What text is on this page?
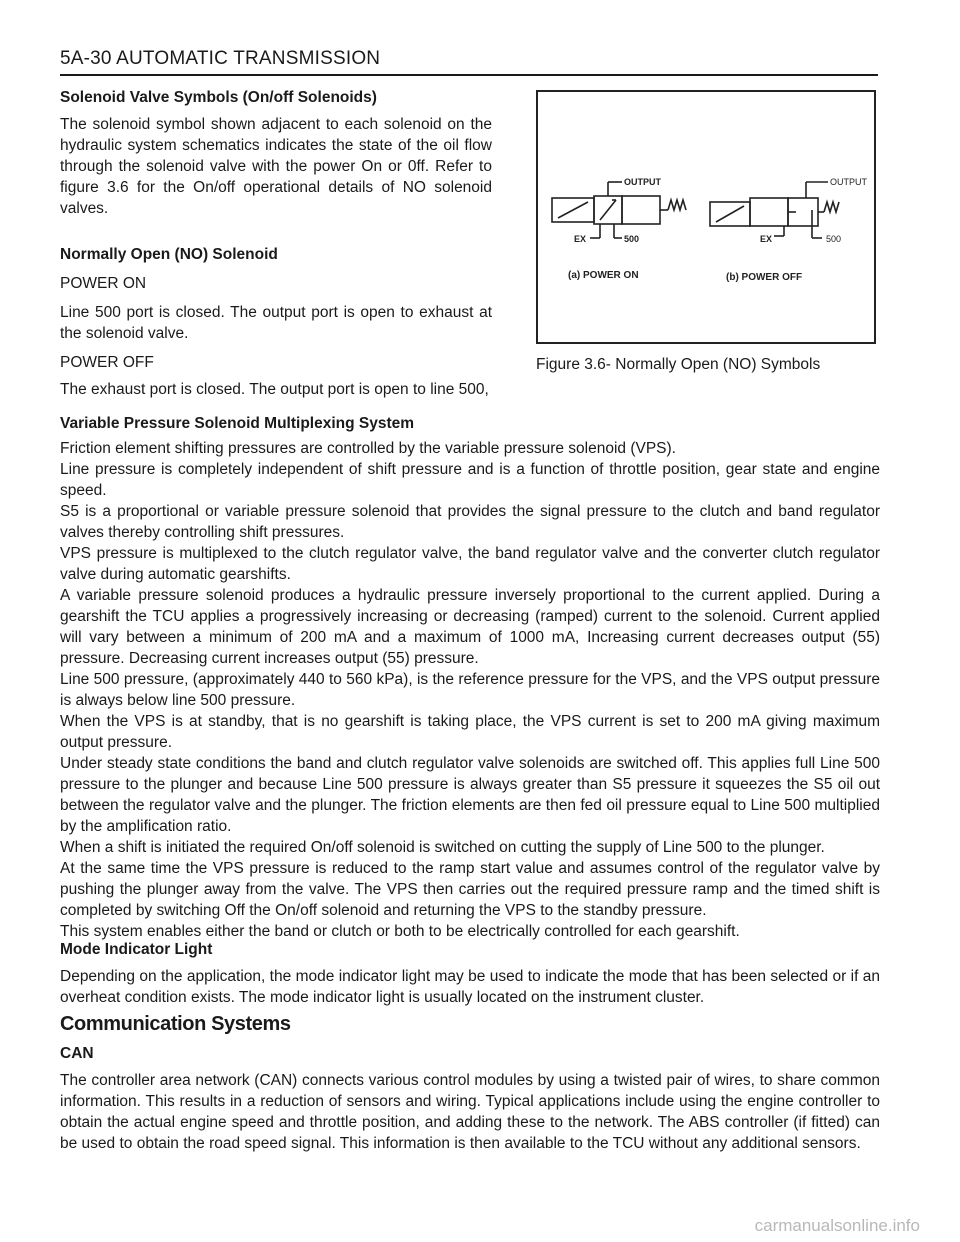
5A-30 AUTOMATIC TRANSMISSION
Solenoid Valve Symbols (On/off Solenoids)

The solenoid symbol shown adjacent to each solenoid on the hydraulic system schematics indicates the state of the oil flow through the solenoid valve with the power On or 0ff. Refer to figure 3.6 for the On/off operational details of NO solenoid valves.

Normally Open (NO) Solenoid

POWER ON

Line 500 port is closed. The output port is open to exhaust at the solenoid valve.

POWER OFF

The exhaust port is closed. The output port is open to line 500,

OUTPUT
EX	500
OUTPUT
EX	500
(a) POWER ON	(b) POWER OFF
Figure 3.6- Normally Open (NO) Symbols
Variable Pressure Solenoid Multiplexing System

Friction element shifting pressures are controlled by the variable pressure solenoid (VPS).

Line pressure is completely independent of shift pressure and is a function of throttle position, gear state and engine speed.

S5 is a proportional or variable pressure solenoid that provides the signal pressure to the clutch and band regulator valves thereby controlling shift pressures.

VPS pressure is multiplexed to the clutch regulator valve, the band regulator valve and the converter clutch regulator valve during automatic gearshifts.

A variable pressure solenoid produces a hydraulic pressure inversely proportional to the current applied. During a gearshift the TCU applies a progressively increasing or decreasing (ramped) current to the solenoid. Current applied will vary between a minimum of 200 mA and a maximum of 1000 mA, Increasing current decreases output (55) pressure. Decreasing current increases output (55) pressure.

Line 500 pressure, (approximately 440 to 560 kPa), is the reference pressure for the VPS, and the VPS output pressure is always below line 500 pressure.

When the VPS is at standby, that is no gearshift is taking place, the VPS current is set to 200 mA giving maximum output pressure.

Under steady state conditions the band and clutch regulator valve solenoids are switched off. This applies full Line 500 pressure to the plunger and because Line 500 pressure is always greater than S5 pressure it squeezes the S5 oil out between the regulator valve and the plunger. The friction elements are then fed oil pressure equal to Line 500 multiplied by the amplification ratio.

When a shift is initiated the required On/off solenoid is switched on cutting the supply of Line 500 to the plunger.

At the same time the VPS pressure is reduced to the ramp start value and assumes control of the regulator valve by pushing the plunger away from the valve. The VPS then carries out the required pressure ramp and the timed shift is completed by switching Off the On/off solenoid and returning the VPS to the standby pressure.

This system enables either the band or clutch or both to be electrically controlled for each gearshift.

Mode Indicator Light

Depending on the application, the mode indicator light may be used to indicate the mode that has been selected or if an overheat condition exists. The mode indicator light is usually located on the instrument cluster.

Communication Systems
CAN

The controller area network (CAN) connects various control modules by using a twisted pair of wires, to share common information. This results in a reduction of sensors and wiring. Typical applications include using the engine controller to obtain the actual engine speed and throttle position, and adding these to the network. The ABS controller (if fitted) can be used to obtain the road speed signal. This information is then available to the TCU without any additional sensors.

carmanualsonline.info
